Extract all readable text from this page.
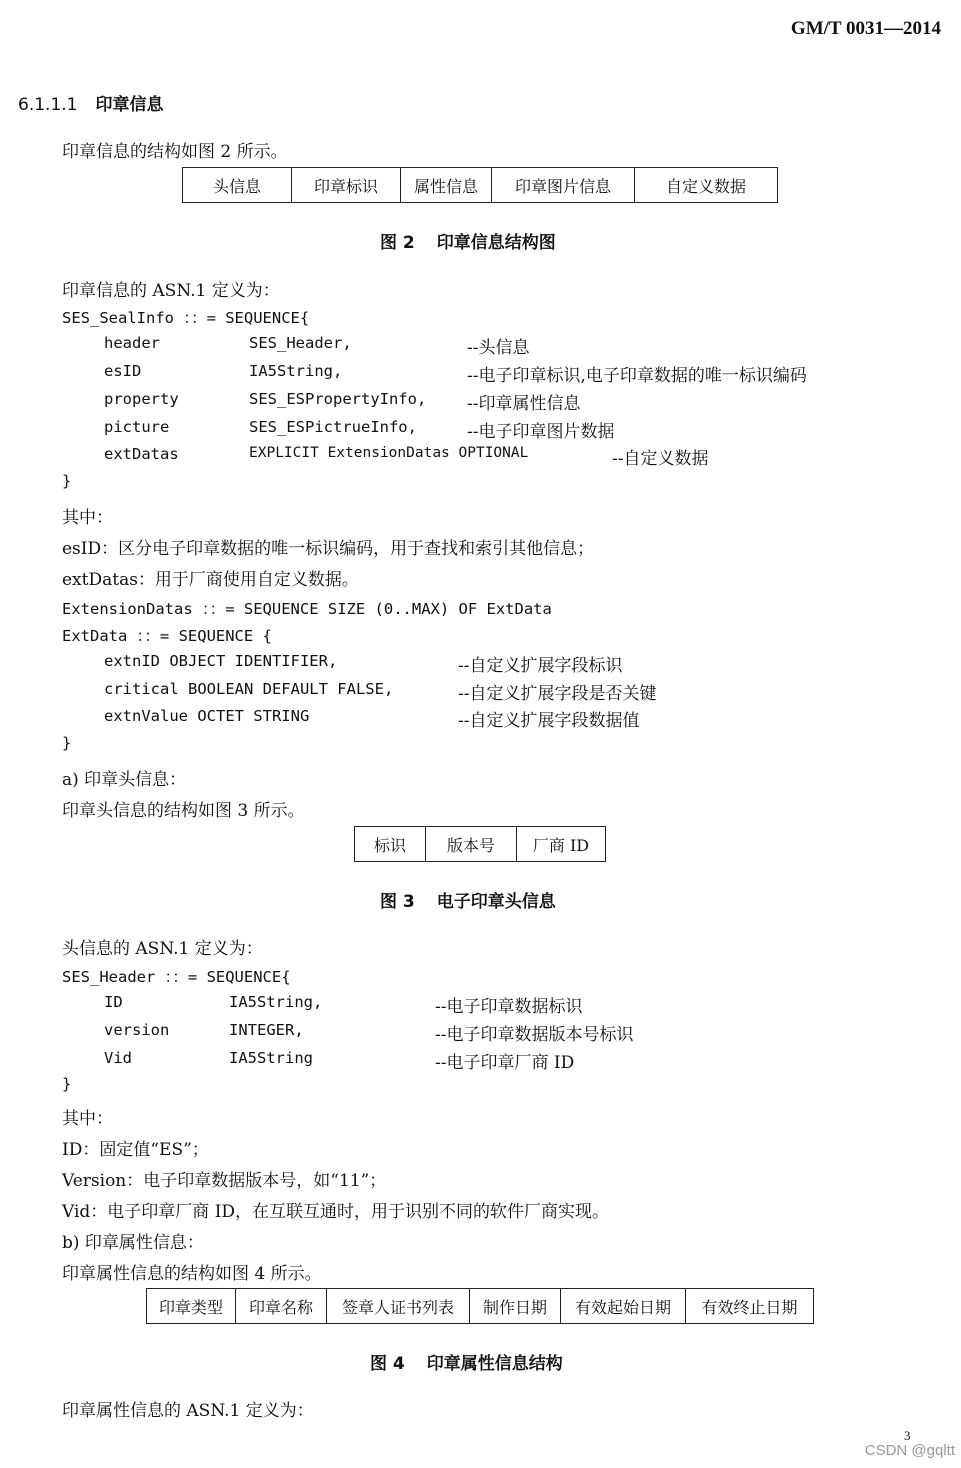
GM/T 0031—2014
6.1.1.1 印章信息
印章信息的结构如图 2 所示。
头信息	印章标识	属性信息	印章图片信息	自定义数据
图 2 印章信息结构图
印章信息的 ASN.1 定义为：
SES_SealInfo ：：= SEQUENCE{
header	SES_Header,	--头信息
esID	IA5String,	--电子印章标识,电子印章数据的唯一标识编码
property	SES_ESPropertyInfo, --印章属性信息
picture	SES_ESPictrueInfo,	--电子印章图片数据
extDatas	EXPLICIT ExtensionDatas OPTIONAL	--自定义数据
}
其中：
esID：区分电子印章数据的唯一标识编码，用于查找和索引其他信息；
extDatas：用于厂商使用自定义数据。
ExtensionDatas ：：= SEQUENCE SIZE (0..MAX) OF ExtData
ExtData ：：= SEQUENCE {
extnID OBJECT IDENTIFIER,	--自定义扩展字段标识
critical BOOLEAN DEFAULT FALSE,	--自定义扩展字段是否关键
extnValue OCTET STRING	--自定义扩展字段数据值
}
a) 印章头信息：
印章头信息的结构如图 3 所示。
标识	版本号	厂商 ID
图 3 电子印章头信息
头信息的 ASN.1 定义为：
SES_Header ：：= SEQUENCE{
ID	IA5String,	--电子印章数据标识
version	INTEGER,	--电子印章数据版本号标识
Vid	IA5String	--电子印章厂商 ID
}
其中：
ID：固定值“ES”；
Version：电子印章数据版本号，如“11”；
Vid：电子印章厂商 ID，在互联互通时，用于识别不同的软件厂商实现。
b) 印章属性信息：
印章属性信息的结构如图 4 所示。
印章类型	印章名称	签章人证书列表	制作日期	有效起始日期	有效终止日期
图 4 印章属性信息结构
印章属性信息的 ASN.1 定义为：
3
CSDN @gqltt
